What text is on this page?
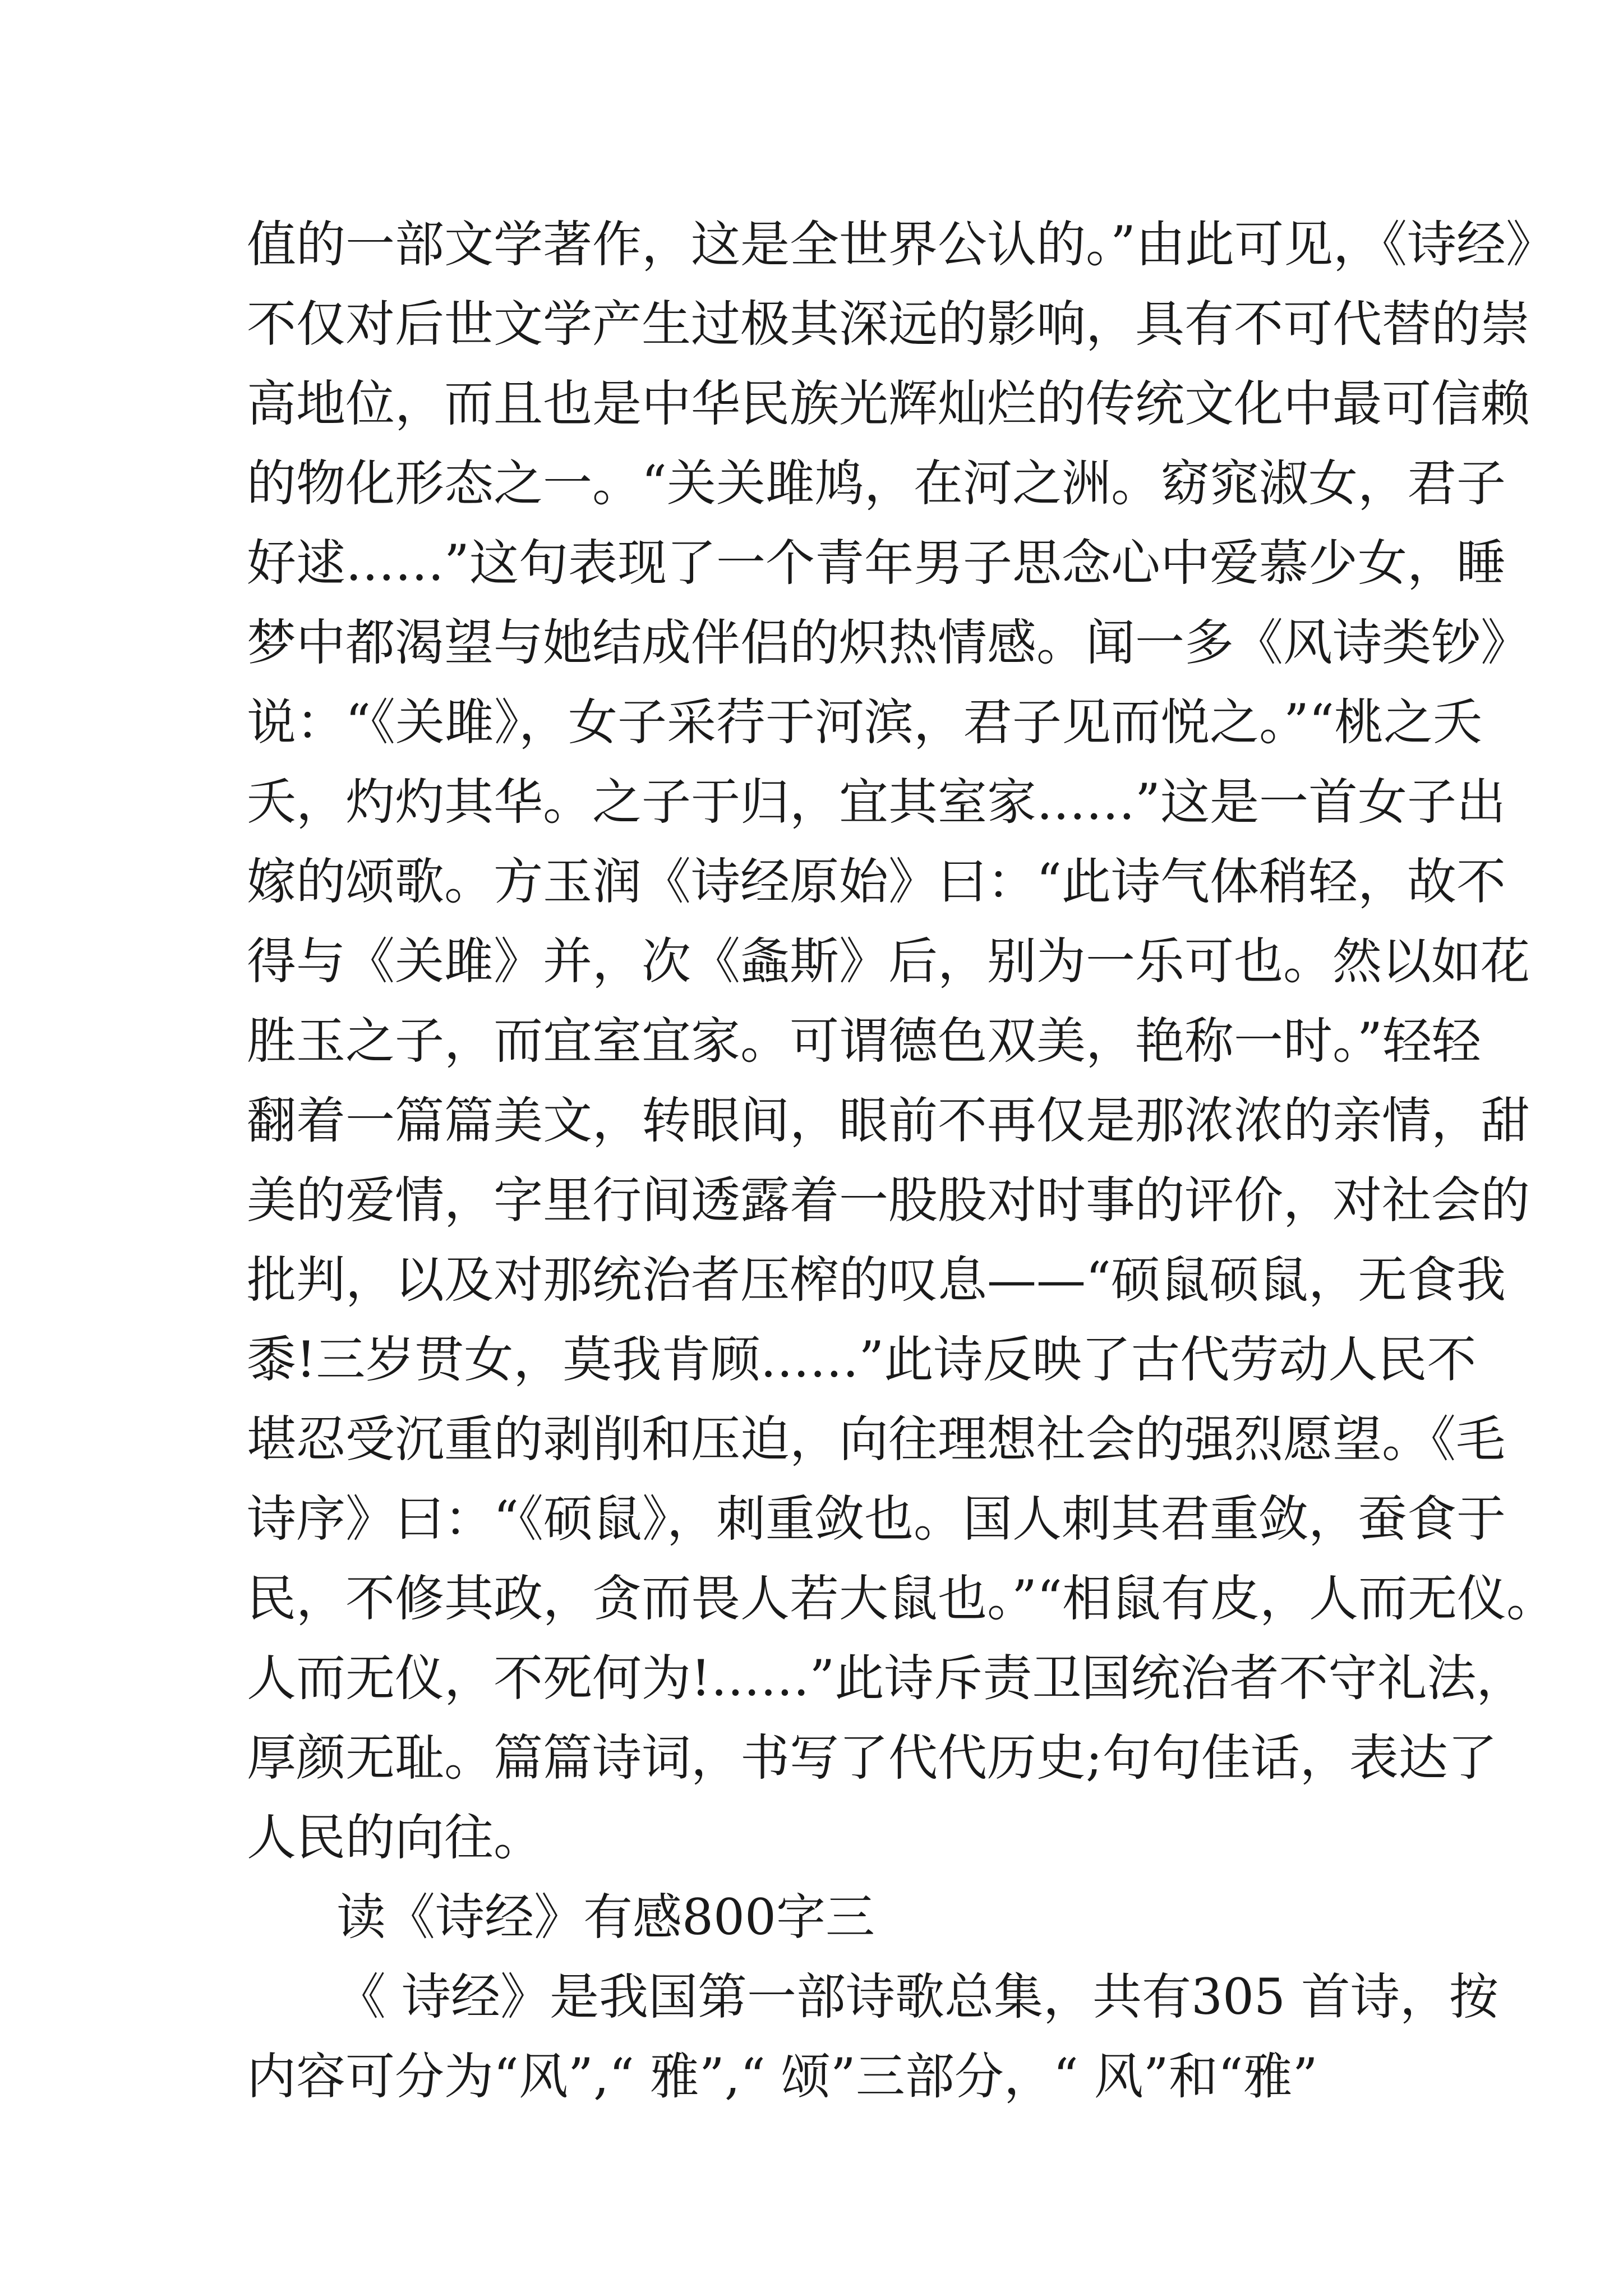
值的一部文学著作，这是全世界公认的。”由此可见，《诗经》
不仅对后世文学产生过极其深远的影响，具有不可代替的崇
高地位，而且也是中华民族光辉灿烂的传统文化中最可信赖
的物化形态之一。“关关雎鸠，在河之洲。窈窕淑女，君子
好逑……”这句表现了一个青年男子思念心中爱慕少女，睡
梦中都渴望与她结成伴侣的炽热情感。闻一多《风诗类钞》
说：“《关雎》，女子采荇于河滨，君子见而悦之。”“桃之夭
夭，灼灼其华。之子于归，宜其室家……”这是一首女子出
嫁的颂歌。方玉润《诗经原始》曰：“此诗气体稍轻，故不
得与《关雎》并，次《螽斯》后，别为一乐可也。然以如花
胜玉之子，而宜室宜家。可谓德色双美，艳称一时。”轻轻
翻着一篇篇美文，转眼间，眼前不再仅是那浓浓的亲情，甜
美的爱情，字里行间透露着一股股对时事的评价，对社会的
批判，以及对那统治者压榨的叹息——“硕鼠硕鼠，无食我
黍!三岁贯女，莫我肯顾……”此诗反映了古代劳动人民不
堪忍受沉重的剥削和压迫，向往理想社会的强烈愿望。《毛
诗序》曰：“《硕鼠》，刺重敛也。国人刺其君重敛，蚕食于
民，不修其政，贪而畏人若大鼠也。”“相鼠有皮，人而无仪。
人而无仪，不死何为!……”此诗斥责卫国统治者不守礼法，
厚颜无耻。篇篇诗词，书写了代代历史;句句佳话，表达了
人民的向往。
读《诗经》有感800字三
《 诗经》是我国第一部诗歌总集，共有305 首诗，按
内容可分为“风”,“ 雅”,“ 颂”三部分，“ 风”和“雅”
